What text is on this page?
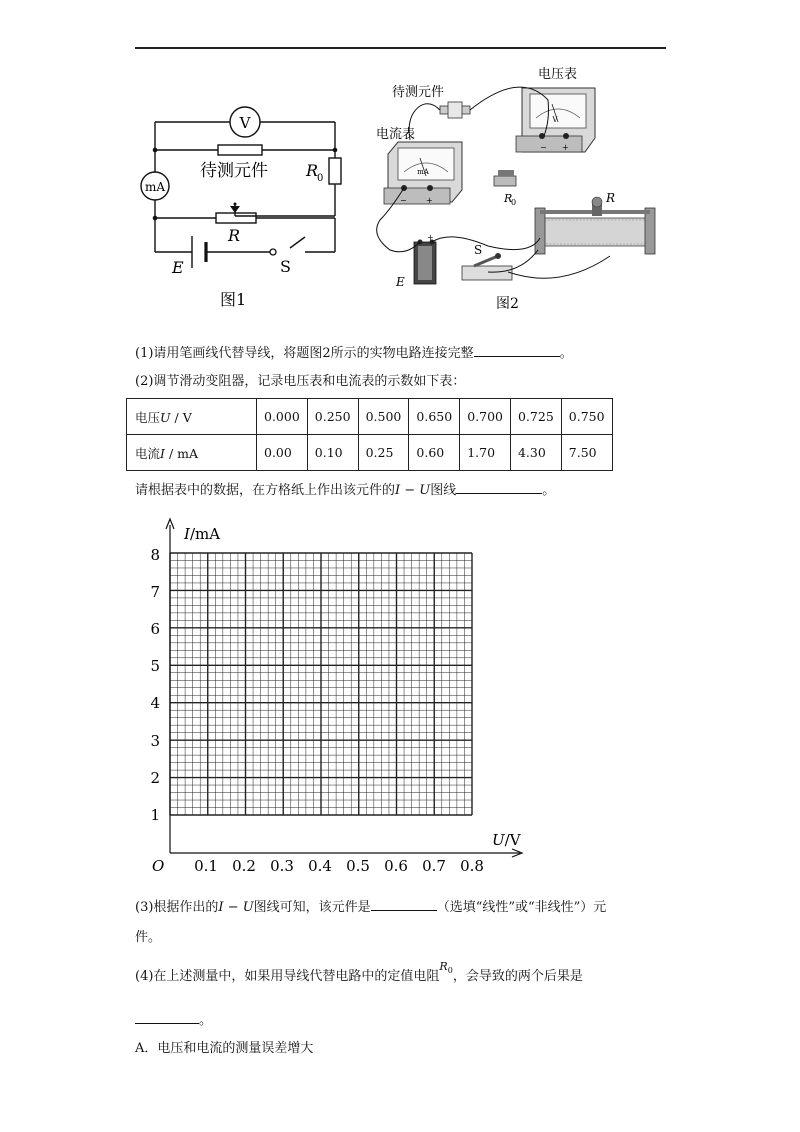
V
mA
待测元件 R
0
R
E	S
图1
V
− +
mA
− +
+
待测元件
电压表
电流表
R
0	R
S
E
图2
(1)请用笔画线代替导线，将题图2所示的实物电路连接完整	。
(2)调节滑动变阻器，记录电压表和电流表的示数如下表：
电压U / V	0.000	0.250	0.500	0.650	0.700	0.725	0.750
电流I / mA	0.00	0.10	0.25	0.60	1.70	4.30	7.50
请根据表中的数据，在方格纸上作出该元件的I − U图线	。
I/mA
U/V
O
1
2
3
4
5
6
7
8
0.1 0.2 0.3 0.4 0.5 0.6 0.7 0.8
(3)根据作出的I − U图线可知，该元件是	（选填“线性”或“非线性”）元
件。
(4)在上述测量中，如果用导线代替电路中的定值电阻$^{R0}$，会导致的两个后果是
。
A．电压和电流的测量误差增大
